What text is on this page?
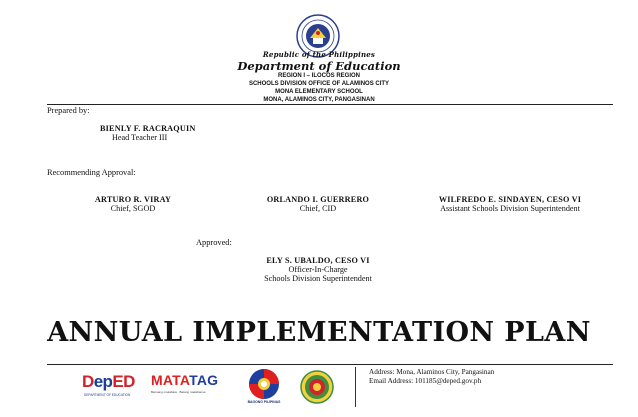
Republic of the Philippines
Department of Education
REGION I – ILOCOS REGION
SCHOOLS DIVISION OFFICE OF ALAMINOS CITY
MONA ELEMENTARY SCHOOL
MONA, ALAMINOS CITY, PANGASINAN
Prepared by:
BIENLY F. RACRAQUIN
Head Teacher III
Recommending Approval:
ARTURO R. VIRAY
Chief, SGOD
ORLANDO I. GUERRERO
Chief, CID
WILFREDO E. SINDAYEN, CESO VI
Assistant Schools Division Superintendent
Approved:
ELY S. UBALDO, CESO VI
Officer-In-Charge
Schools Division Superintendent
ANNUAL IMPLEMENTATION PLAN
DepED
DEPARTMENT OF EDUCATION
MATATAG
Bansang makabata · Batang makabansa
BAGONG PILIPINAS
Address: Mona, Alaminos City, Pangasinan
Email Address: 101185@deped.gov.ph
